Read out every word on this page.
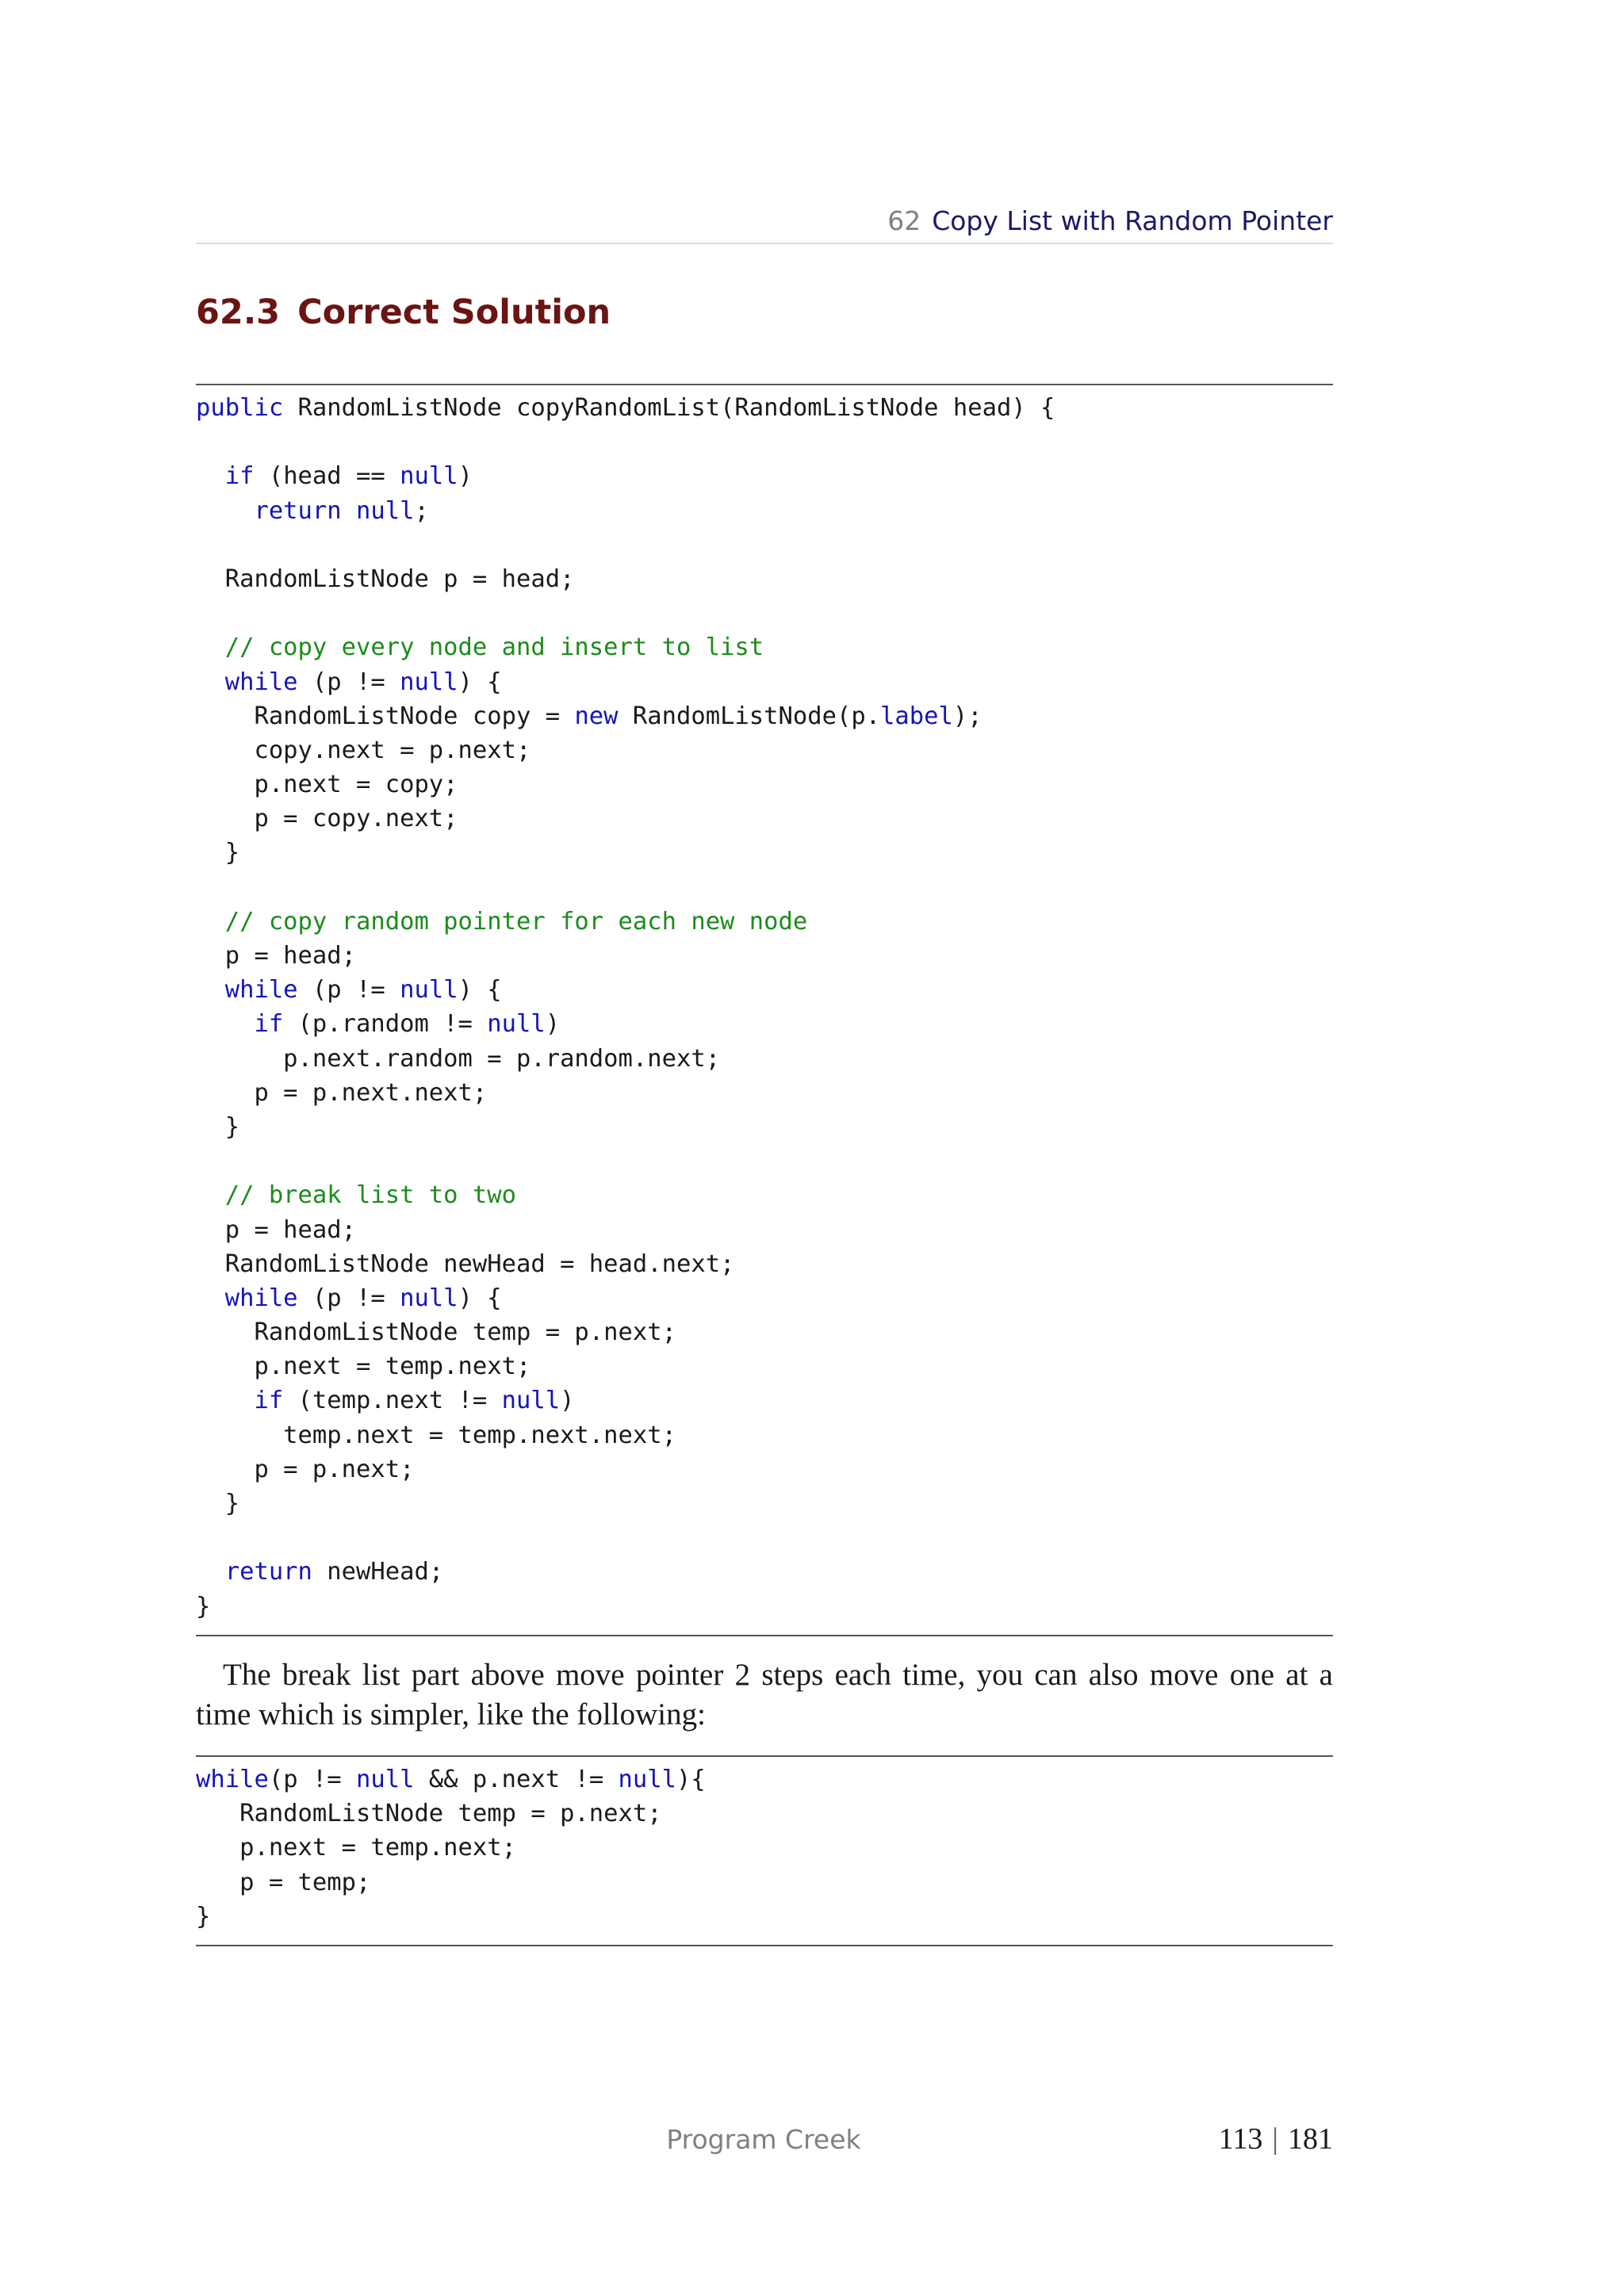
62 Copy List with Random Pointer
62.3 Correct Solution
public RandomListNode copyRandomList(RandomListNode head) {

if (head == null)
return null;

RandomListNode p = head;

// copy every node and insert to list
while (p != null) {
RandomListNode copy = new RandomListNode(p.label);
copy.next = p.next;
p.next = copy;
p = copy.next;
}

// copy random pointer for each new node
p = head;
while (p != null) {
if (p.random != null)
p.next.random = p.random.next;
p = p.next.next;
}

// break list to two
p = head;
RandomListNode newHead = head.next;
while (p != null) {
RandomListNode temp = p.next;
p.next = temp.next;
if (temp.next != null)
temp.next = temp.next.next;
p = p.next;
}

return newHead;
}

The break list part above move pointer 2 steps each time, you can also move one at a time which is simpler, like the following:

while(p != null && p.next != null){
RandomListNode temp = p.next;
p.next = temp.next;
p = temp;
}
Program Creek	113 | 181
